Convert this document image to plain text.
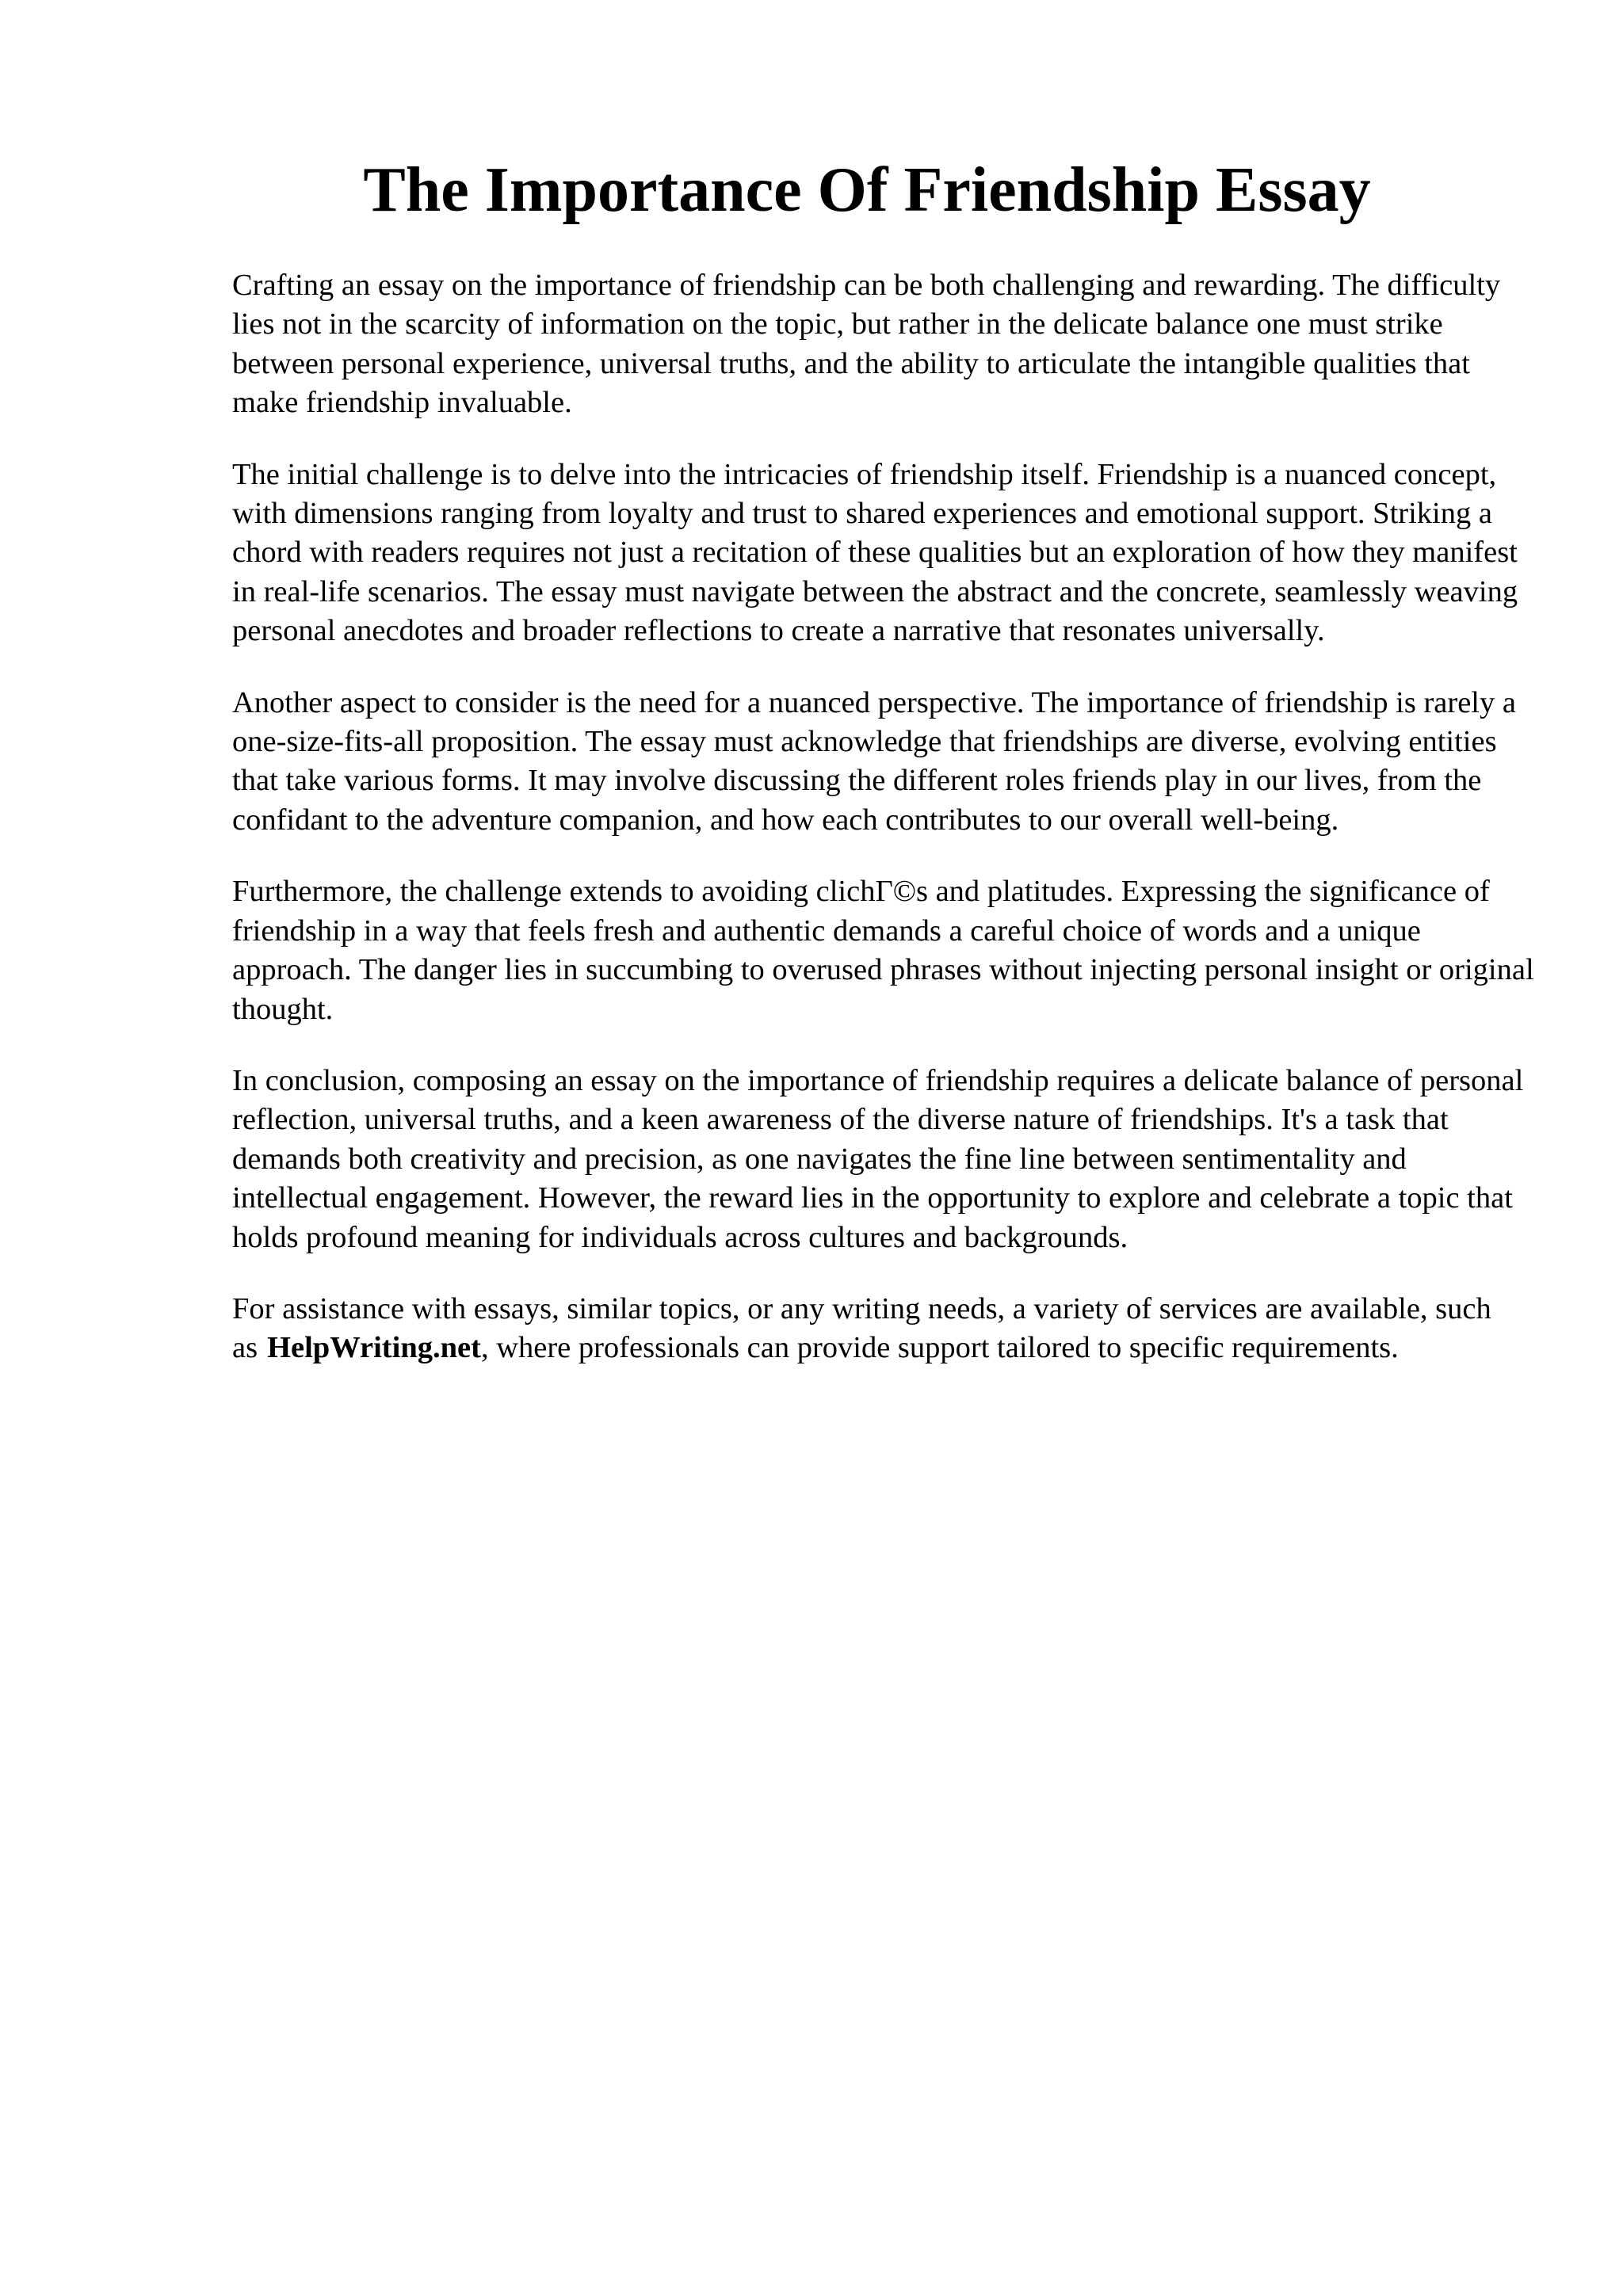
The Importance Of Friendship Essay

Crafting an essay on the importance of friendship can be both challenging and rewarding. The difficulty lies not in the scarcity of information on the topic, but rather in the delicate balance one must strike between personal experience, universal truths, and the ability to articulate the intangible qualities that make friendship invaluable.

The initial challenge is to delve into the intricacies of friendship itself. Friendship is a nuanced concept, with dimensions ranging from loyalty and trust to shared experiences and emotional support. Striking a chord with readers requires not just a recitation of these qualities but an exploration of how they manifest in real-life scenarios. The essay must navigate between the abstract and the concrete, seamlessly weaving personal anecdotes and broader reflections to create a narrative that resonates universally.

Another aspect to consider is the need for a nuanced perspective. The importance of friendship is rarely a one-size-fits-all proposition. The essay must acknowledge that friendships are diverse, evolving entities that take various forms. It may involve discussing the different roles friends play in our lives, from the confidant to the adventure companion, and how each contributes to our overall well-being.

Furthermore, the challenge extends to avoiding clichΓ©s and platitudes. Expressing the significance of friendship in a way that feels fresh and authentic demands a careful choice of words and a unique approach. The danger lies in succumbing to overused phrases without injecting personal insight or original thought.

In conclusion, composing an essay on the importance of friendship requires a delicate balance of personal reflection, universal truths, and a keen awareness of the diverse nature of friendships. It's a task that demands both creativity and precision, as one navigates the fine line between sentimentality and intellectual engagement. However, the reward lies in the opportunity to explore and celebrate a topic that holds profound meaning for individuals across cultures and backgrounds.

For assistance with essays, similar topics, or any writing needs, a variety of services are available, such as HelpWriting.net, where professionals can provide support tailored to specific requirements.
